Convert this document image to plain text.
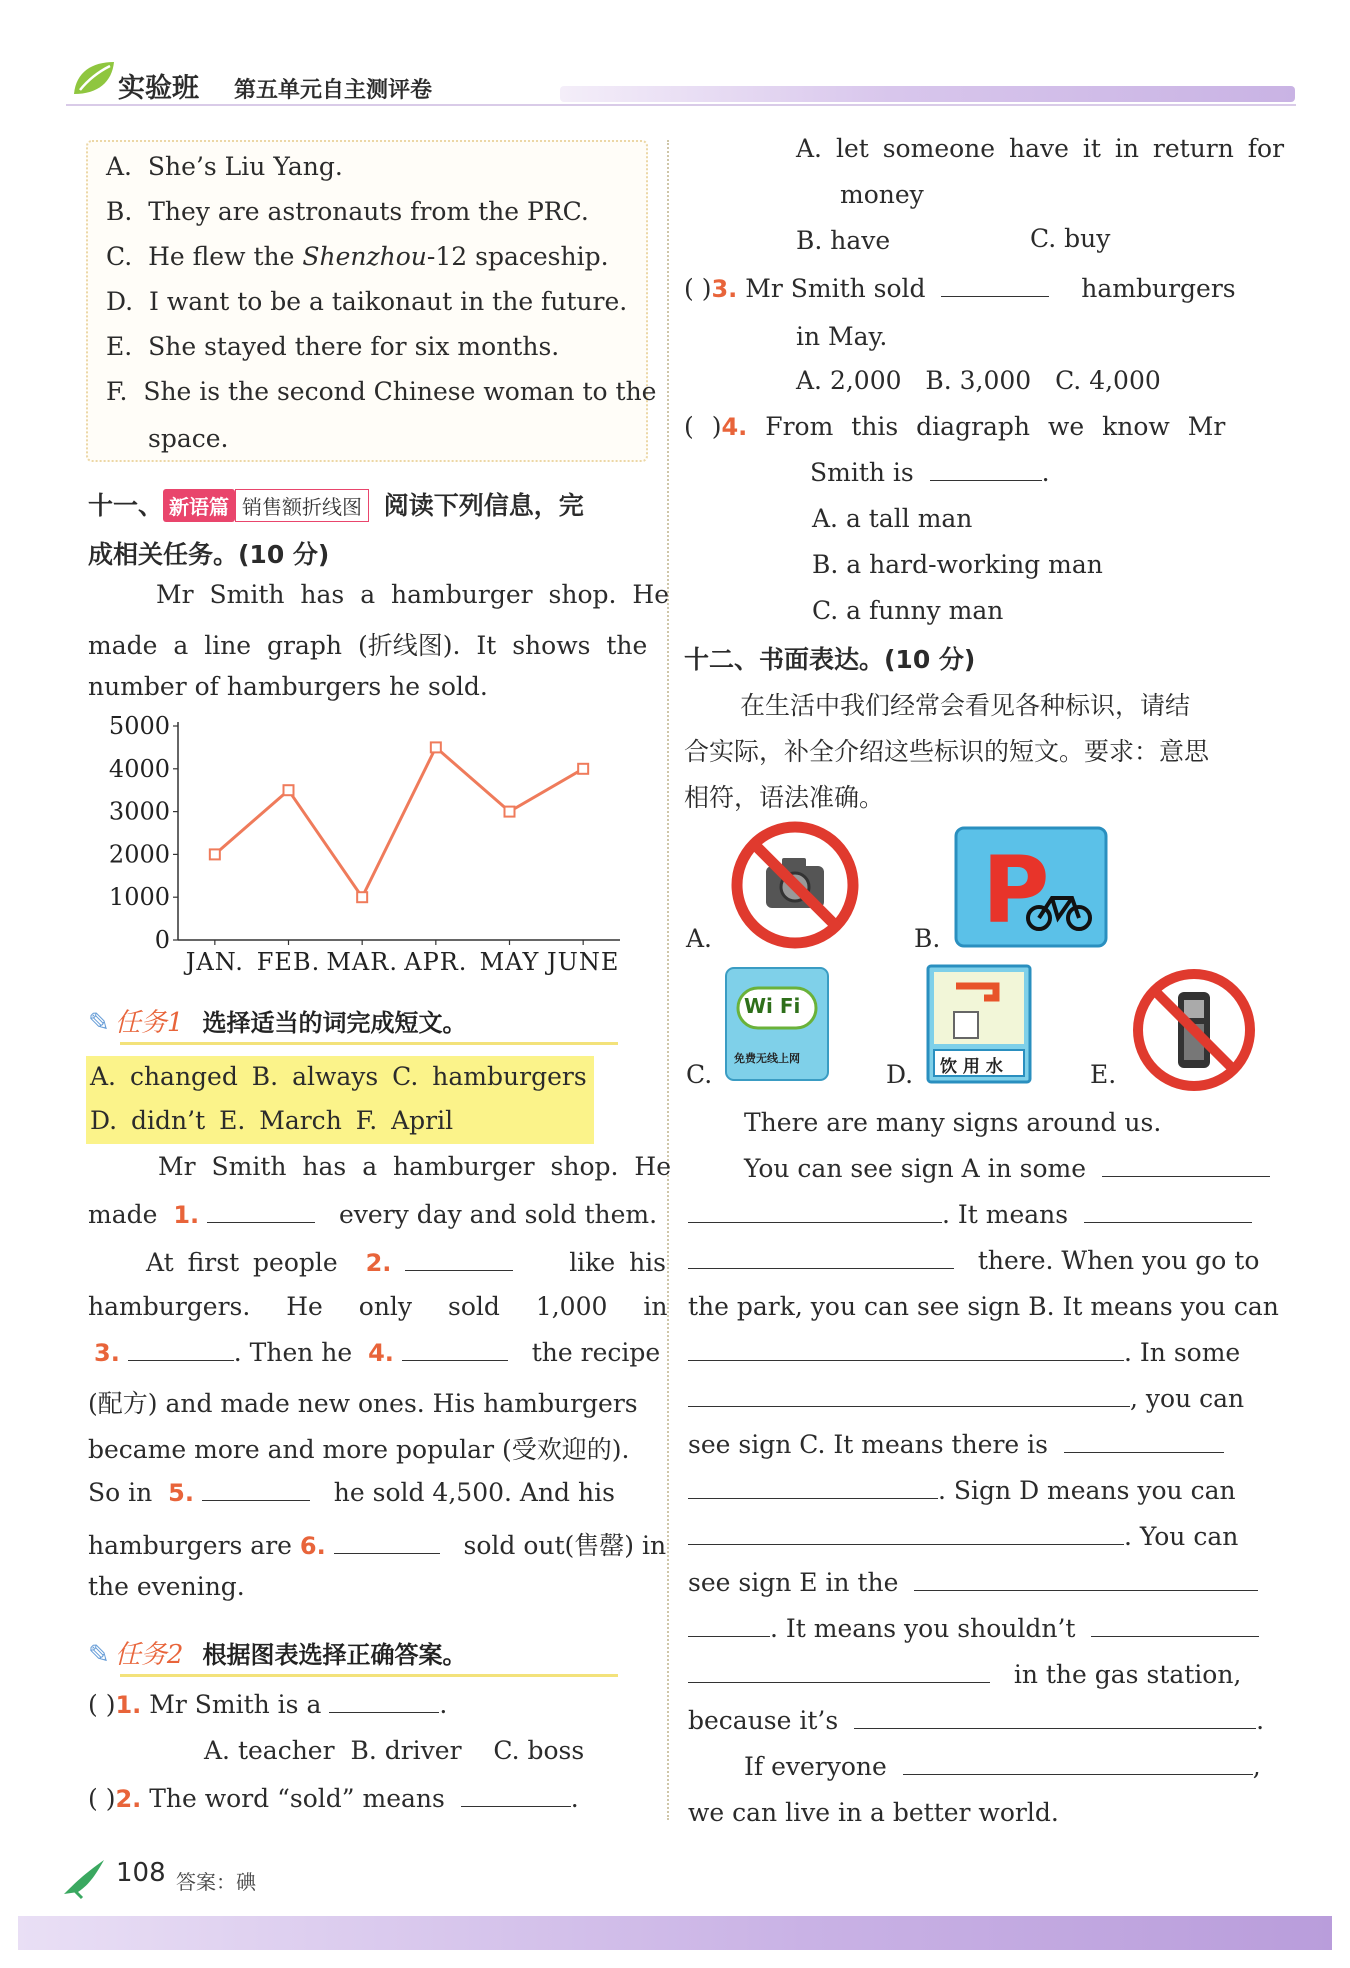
实验班 第五单元自主测评卷
A. She’s Liu Yang.
B. They are astronauts from the PRC.
C. He flew the Shenzhou-12 spaceship.
D. I want to be a taikonaut in the future.
E. She stayed there for six months.
F. She is the second Chinese woman to the
space.
十一、 新语篇 销售额折线图 阅读下列信息，完
成相关任务。(10 分)
Mr Smith has a hamburger shop. He
made a line graph (折线图). It shows the
number of hamburgers he sold.
0
1000
2000
3000
4000
5000
JAN. FEB. MAR. APR. MAY JUNE
✎ 任务1 选择适当的词完成短文。
A. changed B. always C. hamburgers
D. didn’t E. March F. April
Mr Smith has a hamburger shop. He
made 1.	every day and sold them.
At first people 2.	like his
hamburgers. He only sold 1,000 in
3.	. Then he 4.	the recipe
(配方) and made new ones. His hamburgers
became more and more popular (受欢迎的).
So in 5.	he sold 4,500. And his
hamburgers are 6.	sold out(售罄) in
the evening.
✎ 任务2 根据图表选择正确答案。
( )1. Mr Smith is a	.
A. teacher B. driver C. boss
( )2. The word “sold” means	.
A. let someone have it in return for
money
B. have	C. buy
( )3. Mr Smith sold	hamburgers
in May.
A. 2,000 B. 3,000 C. 4,000
( )4. From this diagraph we know Mr
Smith is	.
A. a tall man
B. a hard-working man
C. a funny man
十二、书面表达。(10 分)
在生活中我们经常会看见各种标识，请结
合实际，补全介绍这些标识的短文。要求：意思
相符，语法准确。
A.	B. P
C.
Wi Fi
免费无线上网
D. 饮 用 水	E.
There are many signs around us.
You can see sign A in some
. It means
there. When you go to
the park, you can see sign B. It means you can
. In some
, you can
see sign C. It means there is
. Sign D means you can
. You can
see sign E in the
. It means you shouldn’t
in the gas station,
because it’s	.
If everyone	,
we can live in a better world.
108 答案：碘
